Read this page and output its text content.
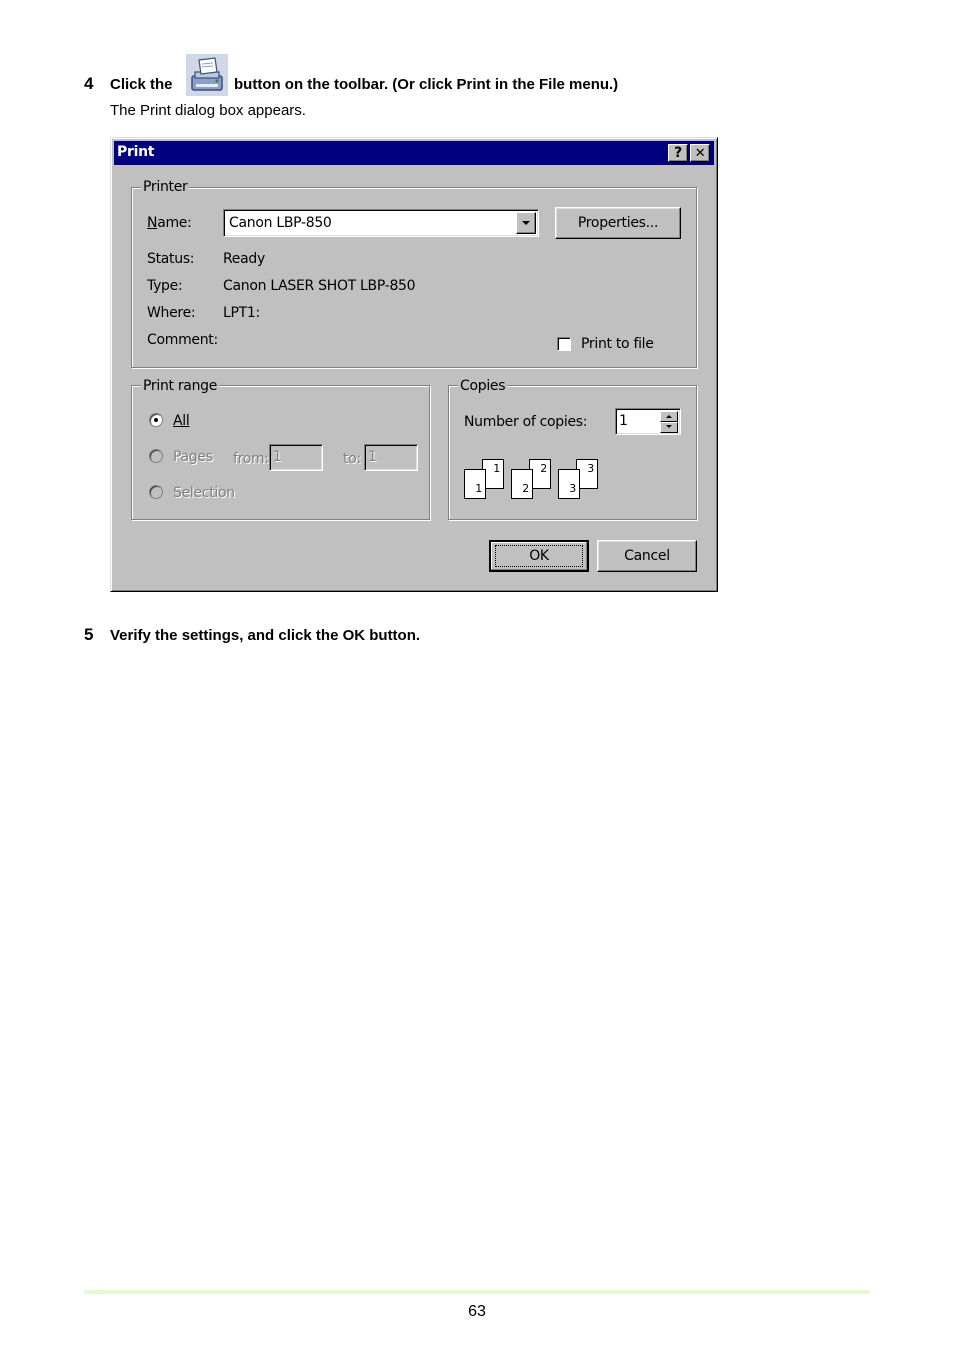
4 Click the	button on the toolbar. (Or click Print in the File menu.)
The Print dialog box appears.
Print	? ✕
Printer
Name:	Canon LBP-850	Properties...
Status: Ready
Type:	Canon LASER SHOT LBP-850
Where: LPT1:
Comment:	Print to file
Print range
All
Pages from: 1	to: 1
Selection
Copies
Number of copies: 1
1
1
2
2
3
3
OK	Cancel
5 Verify the settings, and click the OK button.
63
